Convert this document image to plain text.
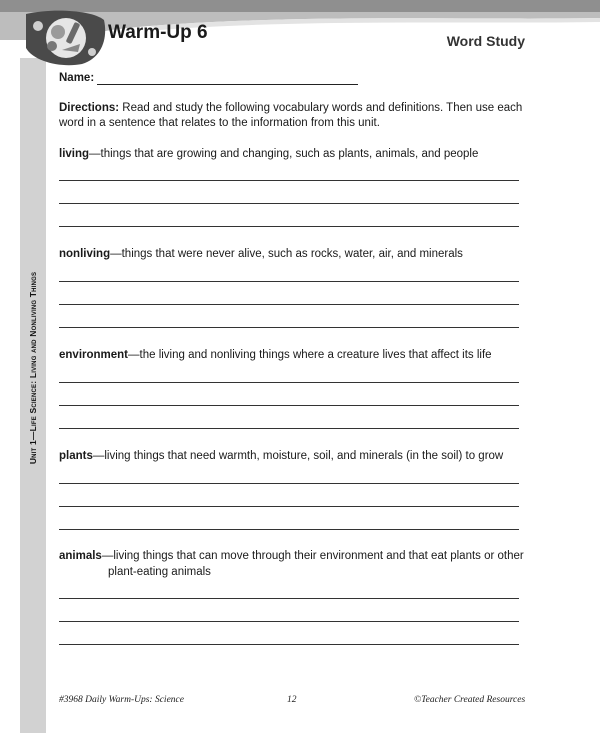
Unit 1—Life Science: Living and Nonliving Things
Warm-Up 6	Word Study
Name:
Directions: Read and study the following vocabulary words and definitions. Then use each word in a sentence that relates to the information from this unit.
living—things that are growing and changing, such as plants, animals, and people
nonliving—things that were never alive, such as rocks, water, air, and minerals
environment—the living and nonliving things where a creature lives that affect its life
plants—living things that need warmth, moisture, soil, and minerals (in the soil) to grow
animals—living things that can move through their environment and that eat plants or other
plant-eating animals
#3968 Daily Warm-Ups: Science	12	©Teacher Created Resources
